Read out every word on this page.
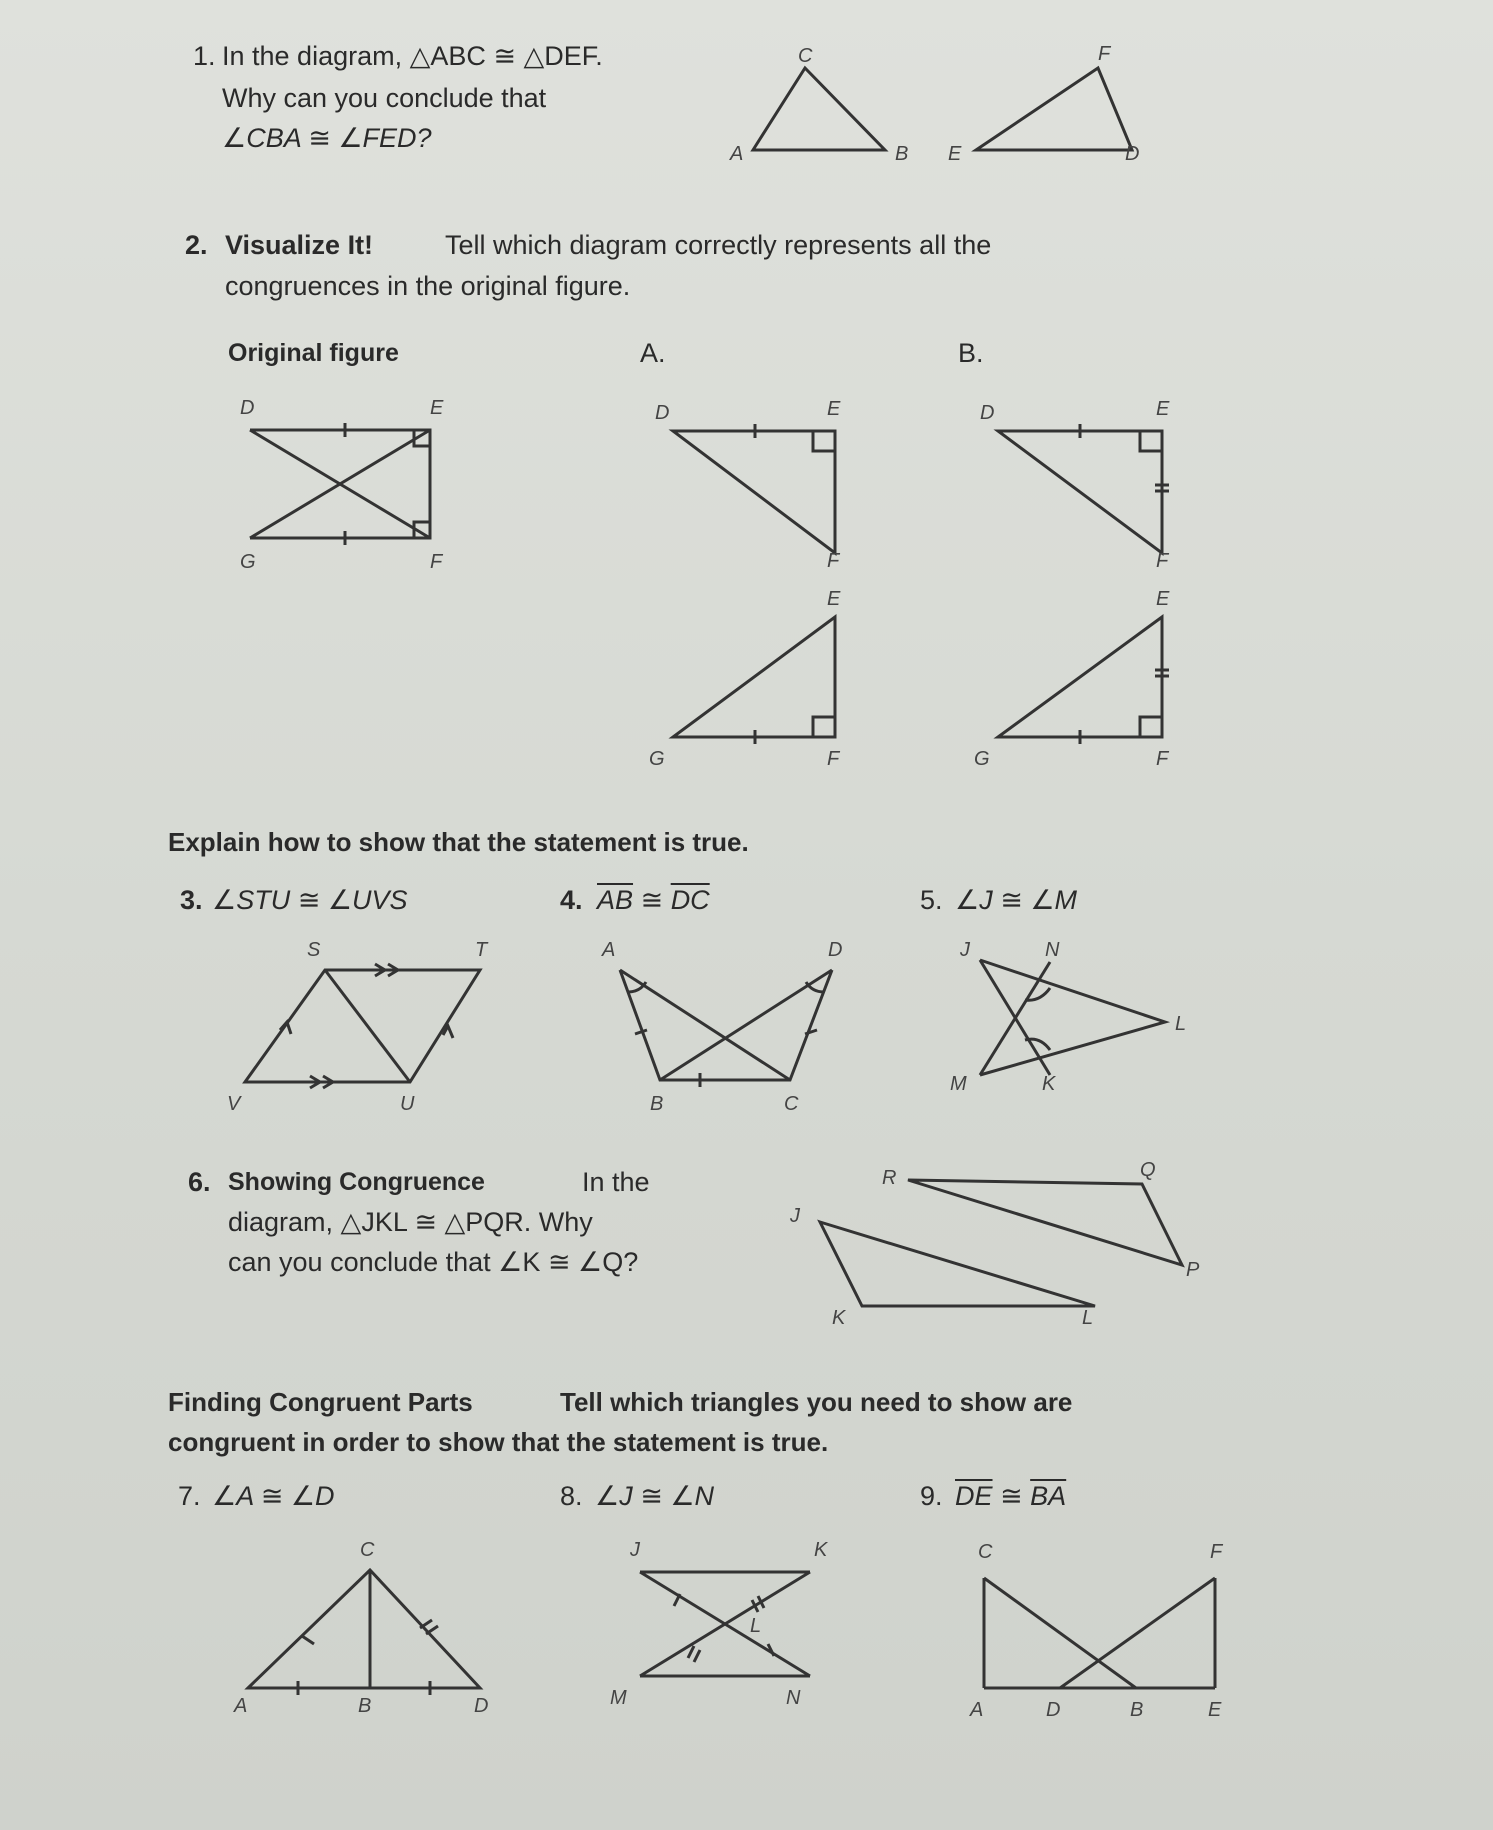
1. In the diagram, △ABC ≅ △DEF.
Why can you conclude that
∠CBA ≅ ∠FED?
C
A	B E
F
D
2. Visualize It!	Tell which diagram correctly represents all the
congruences in the original figure.
Original figure	A.	B.
D	E
G	F
D	E
F
E
G	F
D	E
F
E
G	F
Explain how to show that the statement is true.
3. ∠STU ≅ ∠UVS	4. $\overline{AB}$ ≅ $\overline{DC}$	5. ∠J ≅ ∠M
S	T
V	U
A	D
B	C
J	N
L
M	K
6. Showing Congruence	In the
diagram, △JKL ≅ △PQR. Why
can you conclude that ∠K ≅ ∠Q?
R	Q
J
P
K	L
Finding Congruent Parts	Tell which triangles you need to show are
congruent in order to show that the statement is true.
7. ∠A ≅ ∠D	8. ∠J ≅ ∠N	9. $\overline{DE}$ ≅ $\overline{BA}$
C
A	B	D
J	K
L
M	N
C	F
A	D	B	E
